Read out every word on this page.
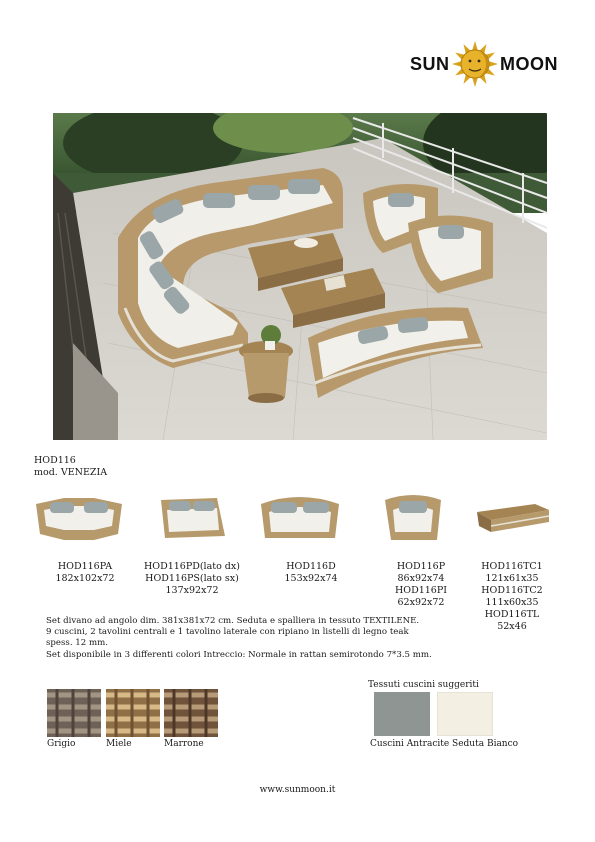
SUN	MOON
HOD116
mod. VENEZIA
HOD116PA
182x102x72
HOD116PD(lato dx)
HOD116PS(lato sx)
137x92x72
HOD116D
153x92x74
HOD116P
86x92x74
HOD116PI
62x92x72
HOD116TC1
121x61x35
HOD116TC2
111x60x35
HOD116TL
52x46
Set divano ad angolo dim. 381x381x72 cm. Seduta e spalliera in tessuto TEXTILENE.
9 cuscini, 2 tavolini centrali e 1 tavolino laterale con ripiano in listelli di legno teak
spess. 12 mm.
Set disponibile in 3 differenti colori Intreccio: Normale in rattan semirotondo 7*3.5 mm.
Grigio	Miele	Marrone
Tessuti cuscini suggeriti
Cuscini Antracite Seduta Bianco
www.sunmoon.it
